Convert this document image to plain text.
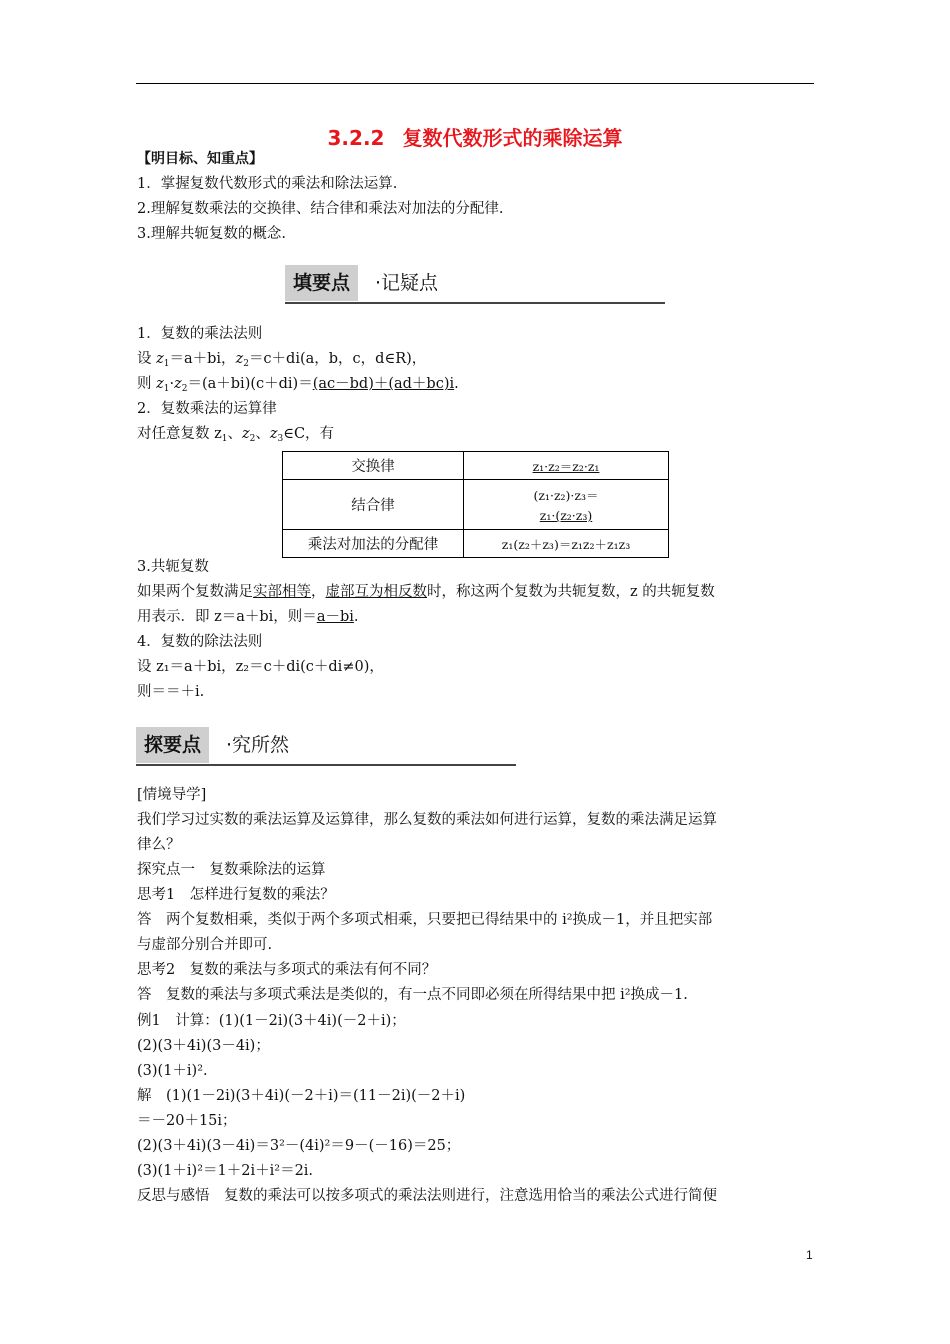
3.2.2 复数代数形式的乘除运算
【明目标、知重点】
1．掌握复数代数形式的乘法和除法运算.
2.理解复数乘法的交换律、结合律和乘法对加法的分配律.
3.理解共轭复数的概念.
填要点	·记疑点
1．复数的乘法法则
设 $z_1=a+bi$，$z_2=c+di(a$，b，c，d∈R)，
则 $z_1\cdot z_2=(a+bi)(c+di)=(ac-bd)+(ad+bc)i$.
2．复数乘法的运算律
对任意复数 $z_1$、$z_2$、$z_3\in C$，有
交换律	z₁·z₂＝z₂·z₁
结合律	(z₁·z₂)·z₃＝
z₁·(z₂·z₃)

乘法对加法的分配律	z₁(z₂＋z₃)＝z₁z₂＋z₁z₃
3.共轭复数
如果两个复数满足实部相等，虚部互为相反数时，称这两个复数为共轭复数，z 的共轭复数
用表示．即 z＝a＋bi，则＝a－bi.
4．复数的除法法则
设 z₁＝a＋bi，z₂＝c＋di(c＋di≠0)，
则＝＝＋i.
探要点	·究所然
[情境导学]
我们学习过实数的乘法运算及运算律，那么复数的乘法如何进行运算，复数的乘法满足运算
律么？
探究点一　复数乘除法的运算
思考1　怎样进行复数的乘法？
答　两个复数相乘，类似于两个多项式相乘，只要把已得结果中的 i²换成－1，并且把实部
与虚部分别合并即可.
思考2　复数的乘法与多项式的乘法有何不同？
答　复数的乘法与多项式乘法是类似的，有一点不同即必须在所得结果中把 i²换成－1.
例1　计算：(1)(1－2i)(3＋4i)(－2＋i)；
(2)(3＋4i)(3－4i)；
(3)(1＋i)².
解　(1)(1－2i)(3＋4i)(－2＋i)＝(11－2i)(－2＋i)
＝－20＋15i；
(2)(3＋4i)(3－4i)＝3²－(4i)²＝9－(－16)＝25；
(3)(1＋i)²＝1＋2i＋i²＝2i.
反思与感悟　复数的乘法可以按多项式的乘法法则进行，注意选用恰当的乘法公式进行简便
1
